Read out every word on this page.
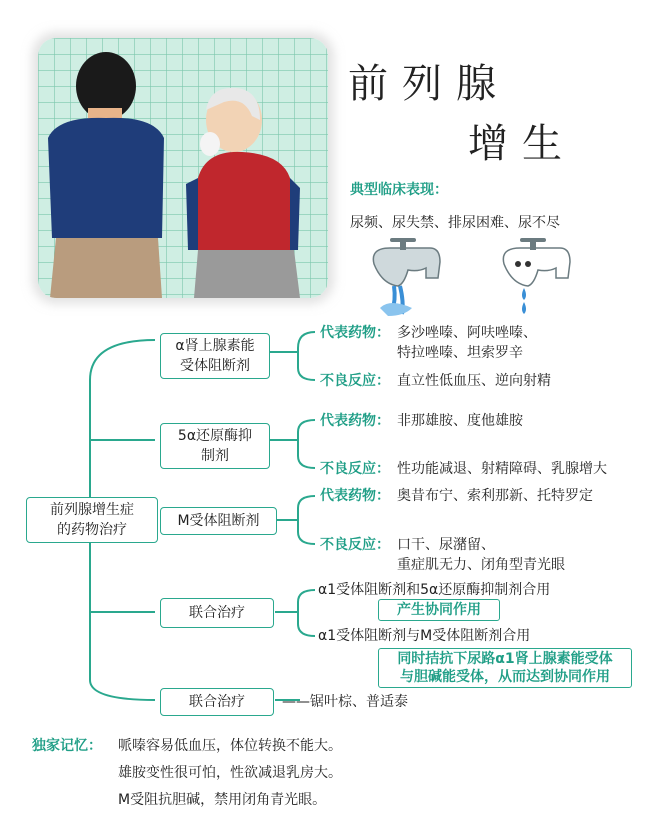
前列腺
增生
典型临床表现：
尿频、尿失禁、排尿困难、尿不尽
前列腺增生症
的药物治疗
α肾上腺素能
受体阻断剂
代表药物： 多沙唑嗪、阿呋唑嗪、
特拉唑嗪、坦索罗辛
不良反应： 直立性低血压、逆向射精
5α还原酶抑
制剂
代表药物： 非那雄胺、度他雄胺
不良反应： 性功能减退、射精障碍、乳腺增大
M受体阻断剂
代表药物： 奥昔布宁、索利那新、托特罗定
不良反应： 口干、尿潴留、
重症肌无力、闭角型青光眼
联合治疗
α1受体阻断剂和5α还原酶抑制剂合用
产生协同作用
α1受体阻断剂与M受体阻断剂合用
同时拮抗下尿路α1肾上腺素能受体
与胆碱能受体，从而达到协同作用
联合治疗	——锯叶棕、普适泰
独家记忆： 哌嗪容易低血压，体位转换不能大。
雄胺变性很可怕，性欲减退乳房大。
M受阻抗胆碱，禁用闭角青光眼。
